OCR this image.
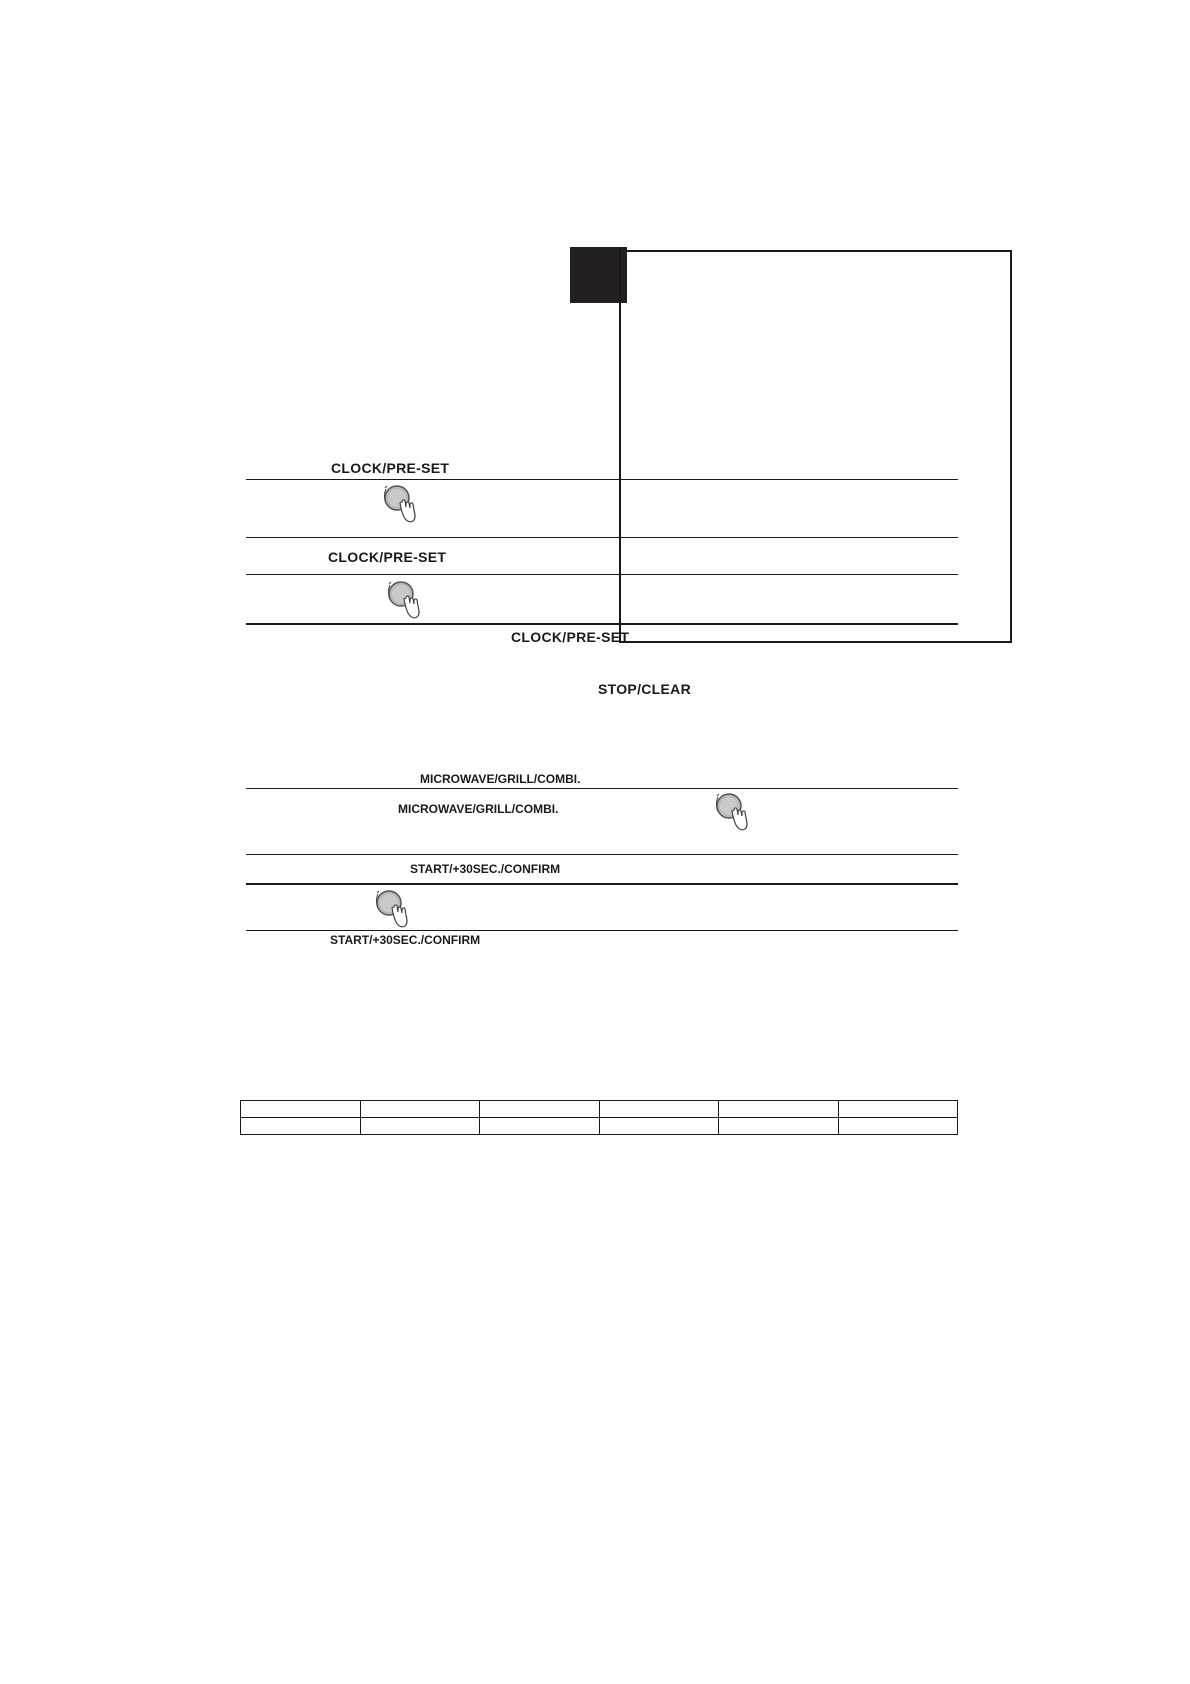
CLOCK/PRE-SET
CLOCK/PRE-SET
CLOCK/PRE-SET
STOP/CLEAR
MICROWAVE/GRILL/COMBI.
MICROWAVE/GRILL/COMBI.
START/+30SEC./CONFIRM
START/+30SEC./CONFIRM
